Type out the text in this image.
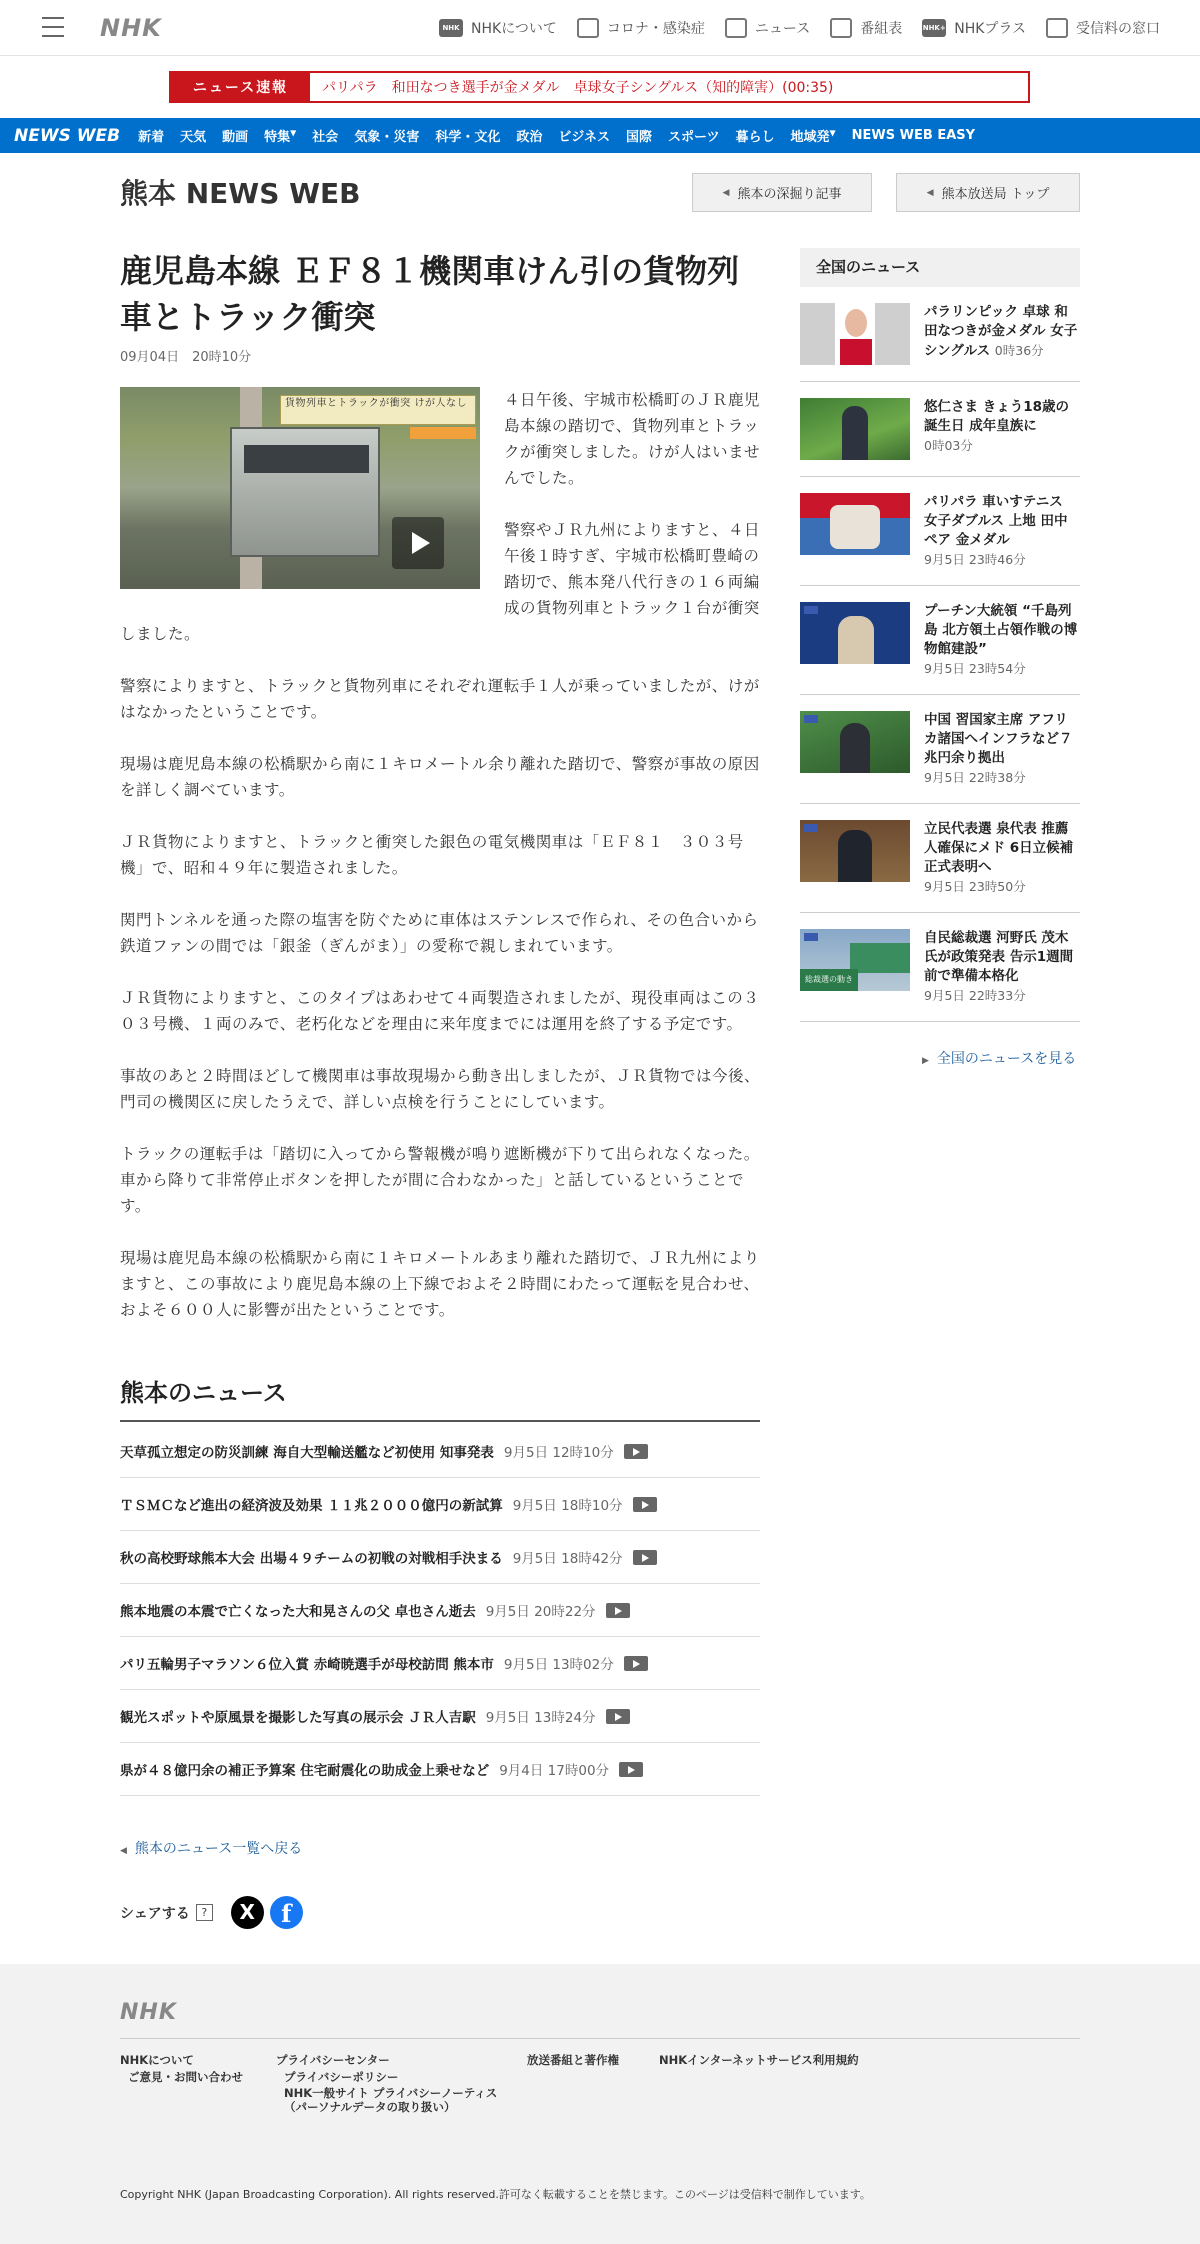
NHK	NHK NHKについて	コロナ・感染症	ニュース	番組表	NHK+ NHKプラス	受信料の窓口
ニュース速報	パリパラ　和田なつき選手が金メダル　卓球女子シングルス（知的障害）(00:35)
NEWS WEB	新着	天気	動画	特集▼	社会	気象・災害	科学・文化	政治	ビジネス	国際	スポーツ	暮らし	地域発▼	NEWS WEB EASY
熊本 NEWS WEB	◀ 熊本の深掘り記事	◀ 熊本放送局 トップ
鹿児島本線 ＥＦ８１機関車けん引の貨物列車とトラック衝突
09月04日　20時10分
貨物列車とトラックが衝突 けが人なし	４日午後、宇城市松橋町のＪＲ鹿児島本線の踏切で、貨物列車とトラックが衝突しました。けが人はいませんでした。

警察やＪＲ九州によりますと、４日午後１時すぎ、宇城市松橋町豊崎の踏切で、熊本発八代行きの１６両編成の貨物列車とトラック１台が衝突しました。

警察によりますと、トラックと貨物列車にそれぞれ運転手１人が乗っていましたが、けがはなかったということです。

現場は鹿児島本線の松橋駅から南に１キロメートル余り離れた踏切で、警察が事故の原因を詳しく調べています。

ＪＲ貨物によりますと、トラックと衝突した銀色の電気機関車は「ＥＦ８１　３０３号機」で、昭和４９年に製造されました。

関門トンネルを通った際の塩害を防ぐために車体はステンレスで作られ、その色合いから鉄道ファンの間では「銀釜（ぎんがま）」の愛称で親しまれています。

ＪＲ貨物によりますと、このタイプはあわせて４両製造されましたが、現役車両はこの３０３号機、１両のみで、老朽化などを理由に来年度までには運用を終了する予定です。

事故のあと２時間ほどして機関車は事故現場から動き出しましたが、ＪＲ貨物では今後、門司の機関区に戻したうえで、詳しい点検を行うことにしています。

トラックの運転手は「踏切に入ってから警報機が鳴り遮断機が下りて出られなくなった。車から降りて非常停止ボタンを押したが間に合わなかった」と話しているということです。

現場は鹿児島本線の松橋駅から南に１キロメートルあまり離れた踏切で、ＪＲ九州によりますと、この事故により鹿児島本線の上下線でおよそ２時間にわたって運転を見合わせ、およそ６００人に影響が出たということです。

熊本のニュース
天草孤立想定の防災訓練 海自大型輸送艦など初使用 知事発表 9月5日 12時10分
ＴＳＭＣなど進出の経済波及効果 １１兆２０００億円の新試算 9月5日 18時10分
秋の高校野球熊本大会 出場４９チームの初戦の対戦相手決まる 9月5日 18時42分
熊本地震の本震で亡くなった大和晃さんの父 卓也さん逝去 9月5日 20時22分
パリ五輪男子マラソン６位入賞 赤崎暁選手が母校訪問 熊本市 9月5日 13時02分
観光スポットや原風景を撮影した写真の展示会 ＪＲ人吉駅 9月5日 13時24分
県が４８億円余の補正予算案 住宅耐震化の助成金上乗せなど 9月4日 17時00分
◀ 熊本のニュース一覧へ戻る
シェアする	?	X	f
全国のニュース
パラリンピック 卓球 和田なつきが金メダル 女子シングルス 0時36分
悠仁さま きょう18歳の誕生日 成年皇族に
0時03分
パリパラ 車いすテニス 女子ダブルス 上地 田中ペア 金メダル
9月5日 23時46分
プーチン大統領 “千島列島 北方領土占領作戦の博物館建設”
9月5日 23時54分
中国 習国家主席 アフリカ諸国へインフラなど７兆円余り拠出
9月5日 22時38分
立民代表選 泉代表 推薦人確保にメド 6日立候補正式表明へ
9月5日 23時50分
総裁選の動き
自民総裁選 河野氏 茂木氏が政策発表 告示1週間前で準備本格化
9月5日 22時33分
▶ 全国のニュースを見る
NHK
NHKについて
ご意見・お問い合わせ
プライバシーセンター
プライバシーポリシー
NHK一般サイト プライバシーノーティス
（パーソナルデータの取り扱い）
放送番組と著作権	NHKインターネットサービス利用規約
Copyright NHK (Japan Broadcasting Corporation). All rights reserved.許可なく転載することを禁じます。このページは受信料で制作しています。
